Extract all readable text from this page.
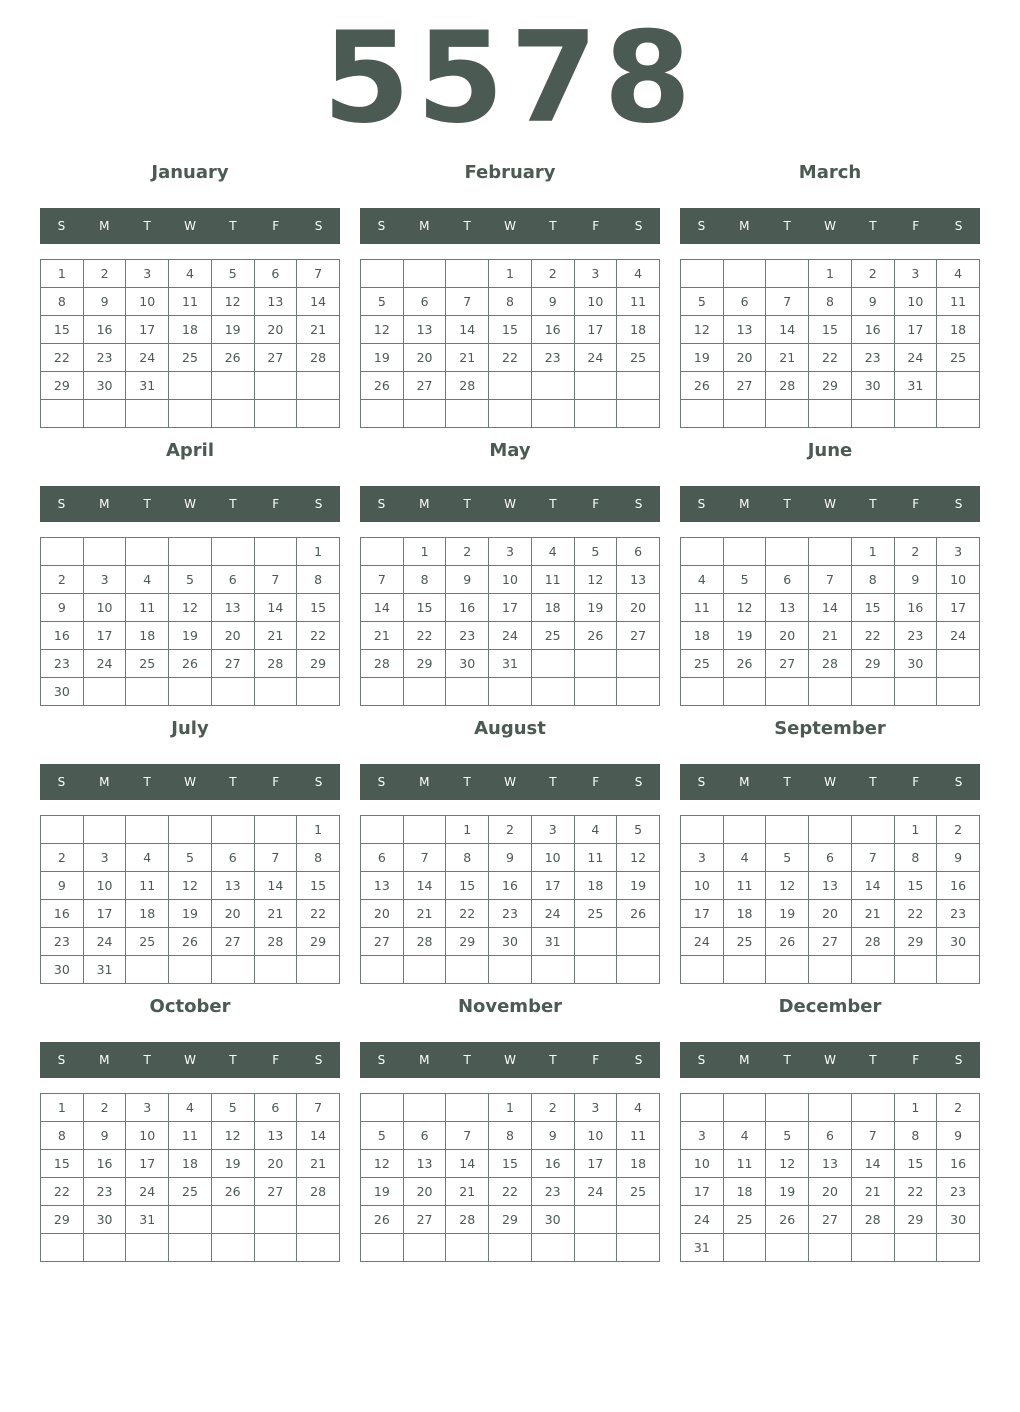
5578
January
S	M	T	W	T	F	S
1	2	3	4	5	6	7
8	9	10	11	12	13	14
15	16	17	18	19	20	21
22	23	24	25	26	27	28
29	30	31				

February
S	M	T	W	T	F	S
			1	2	3	4
5	6	7	8	9	10	11
12	13	14	15	16	17	18
19	20	21	22	23	24	25
26	27	28				

March
S	M	T	W	T	F	S
			1	2	3	4
5	6	7	8	9	10	11
12	13	14	15	16	17	18
19	20	21	22	23	24	25
26	27	28	29	30	31	

April
S	M	T	W	T	F	S
						1
2	3	4	5	6	7	8
9	10	11	12	13	14	15
16	17	18	19	20	21	22
23	24	25	26	27	28	29
30						
May
S	M	T	W	T	F	S
	1	2	3	4	5	6
7	8	9	10	11	12	13
14	15	16	17	18	19	20
21	22	23	24	25	26	27
28	29	30	31			

June
S	M	T	W	T	F	S
				1	2	3
4	5	6	7	8	9	10
11	12	13	14	15	16	17
18	19	20	21	22	23	24
25	26	27	28	29	30	

July
S	M	T	W	T	F	S
						1
2	3	4	5	6	7	8
9	10	11	12	13	14	15
16	17	18	19	20	21	22
23	24	25	26	27	28	29
30	31					
August
S	M	T	W	T	F	S
		1	2	3	4	5
6	7	8	9	10	11	12
13	14	15	16	17	18	19
20	21	22	23	24	25	26
27	28	29	30	31		

September
S	M	T	W	T	F	S
					1	2
3	4	5	6	7	8	9
10	11	12	13	14	15	16
17	18	19	20	21	22	23
24	25	26	27	28	29	30

October
S	M	T	W	T	F	S
1	2	3	4	5	6	7
8	9	10	11	12	13	14
15	16	17	18	19	20	21
22	23	24	25	26	27	28
29	30	31				

November
S	M	T	W	T	F	S
			1	2	3	4
5	6	7	8	9	10	11
12	13	14	15	16	17	18
19	20	21	22	23	24	25
26	27	28	29	30		

December
S	M	T	W	T	F	S
					1	2
3	4	5	6	7	8	9
10	11	12	13	14	15	16
17	18	19	20	21	22	23
24	25	26	27	28	29	30
31						
